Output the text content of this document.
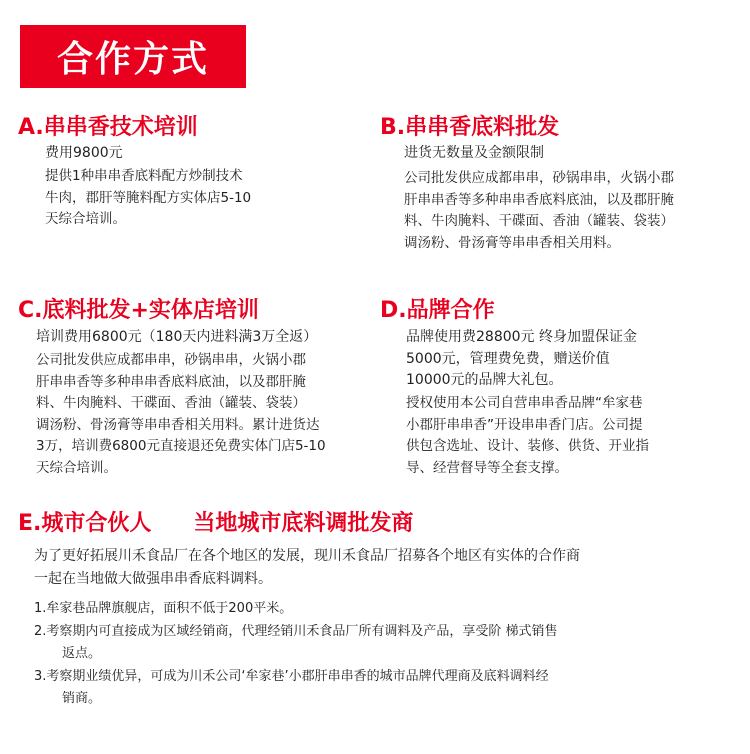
合作方式
A.串串香技术培训
费用9800元
提供1种串串香底料配方炒制技术
牛肉，郡肝等腌料配方实体店5-10
天综合培训。
B.串串香底料批发
进货无数量及金额限制
公司批发供应成都串串，砂锅串串，火锅小郡
肝串串香等多种串串香底料底油，以及郡肝腌
料、牛肉腌料、干碟面、香油（罐装、袋装）
调汤粉、骨汤膏等串串香相关用料。
C.底料批发+实体店培训
培训费用6800元（180天内进料满3万全返）
公司批发供应成都串串，砂锅串串，火锅小郡
肝串串香等多种串串香底料底油，以及郡肝腌
料、牛肉腌料、干碟面、香油（罐装、袋装）
调汤粉、骨汤膏等串串香相关用料。累计进货达
3万，培训费6800元直接退还免费实体门店5-10
天综合培训。
D.品牌合作
品牌使用费28800元 终身加盟保证金
5000元，管理费免费，赠送价值
10000元的品牌大礼包。
授权使用本公司自营串串香品牌“牟家巷
小郡肝串串香”开设串串香门店。公司提
供包含选址、设计、装修、供货、开业指
导、经营督导等全套支撑。
E.城市合伙人 当地城市底料调批发商
为了更好拓展川禾食品厂在各个地区的发展，现川禾食品厂招募各个地区有实体的合作商
一起在当地做大做强串串香底料调料。
1.牟家巷品牌旗舰店，面积不低于200平米。
2.考察期内可直接成为区域经销商，代理经销川禾食品厂所有调料及产品，享受阶 梯式销售
返点。
3.考察期业绩优异，可成为川禾公司‘牟家巷’小郡肝串串香的城市品牌代理商及底料调料经
销商。
